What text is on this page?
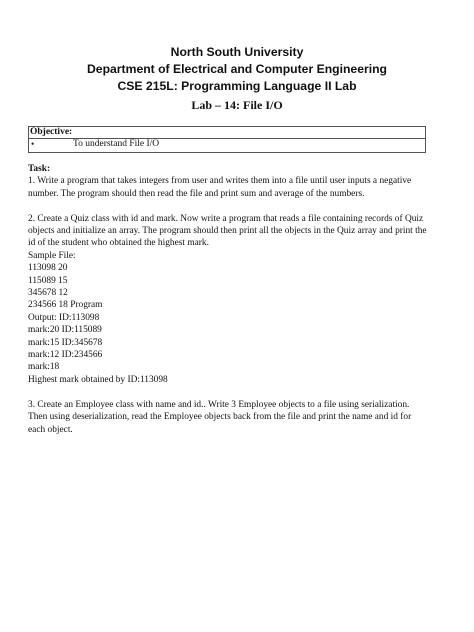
North South University
Department of Electrical and Computer Engineering
CSE 215L: Programming Language II Lab
Lab – 14: File I/O
Objective:
•	To understand File I/O

Task:

1. Write a program that takes integers from user and writes them into a file until user inputs a negative number. The program should then read the file and print sum and average of the numbers.

2. Create a Quiz class with id and mark. Now write a program that reads a file containing records of Quiz objects and initialize an array. The program should then print all the objects in the Quiz array and print the id of the student who obtained the highest mark.

Sample File:
113098 20
115089 15
345678 12
234566 18 Program
Output: ID:113098
mark:20 ID:115089
mark:15 ID:345678
mark:12 ID:234566
mark:18
Highest mark obtained by ID:113098

3. Create an Employee class with name and id.. Write 3 Employee objects to a file using serialization. Then using deserialization, read the Employee objects back from the file and print the name and id for each object.
